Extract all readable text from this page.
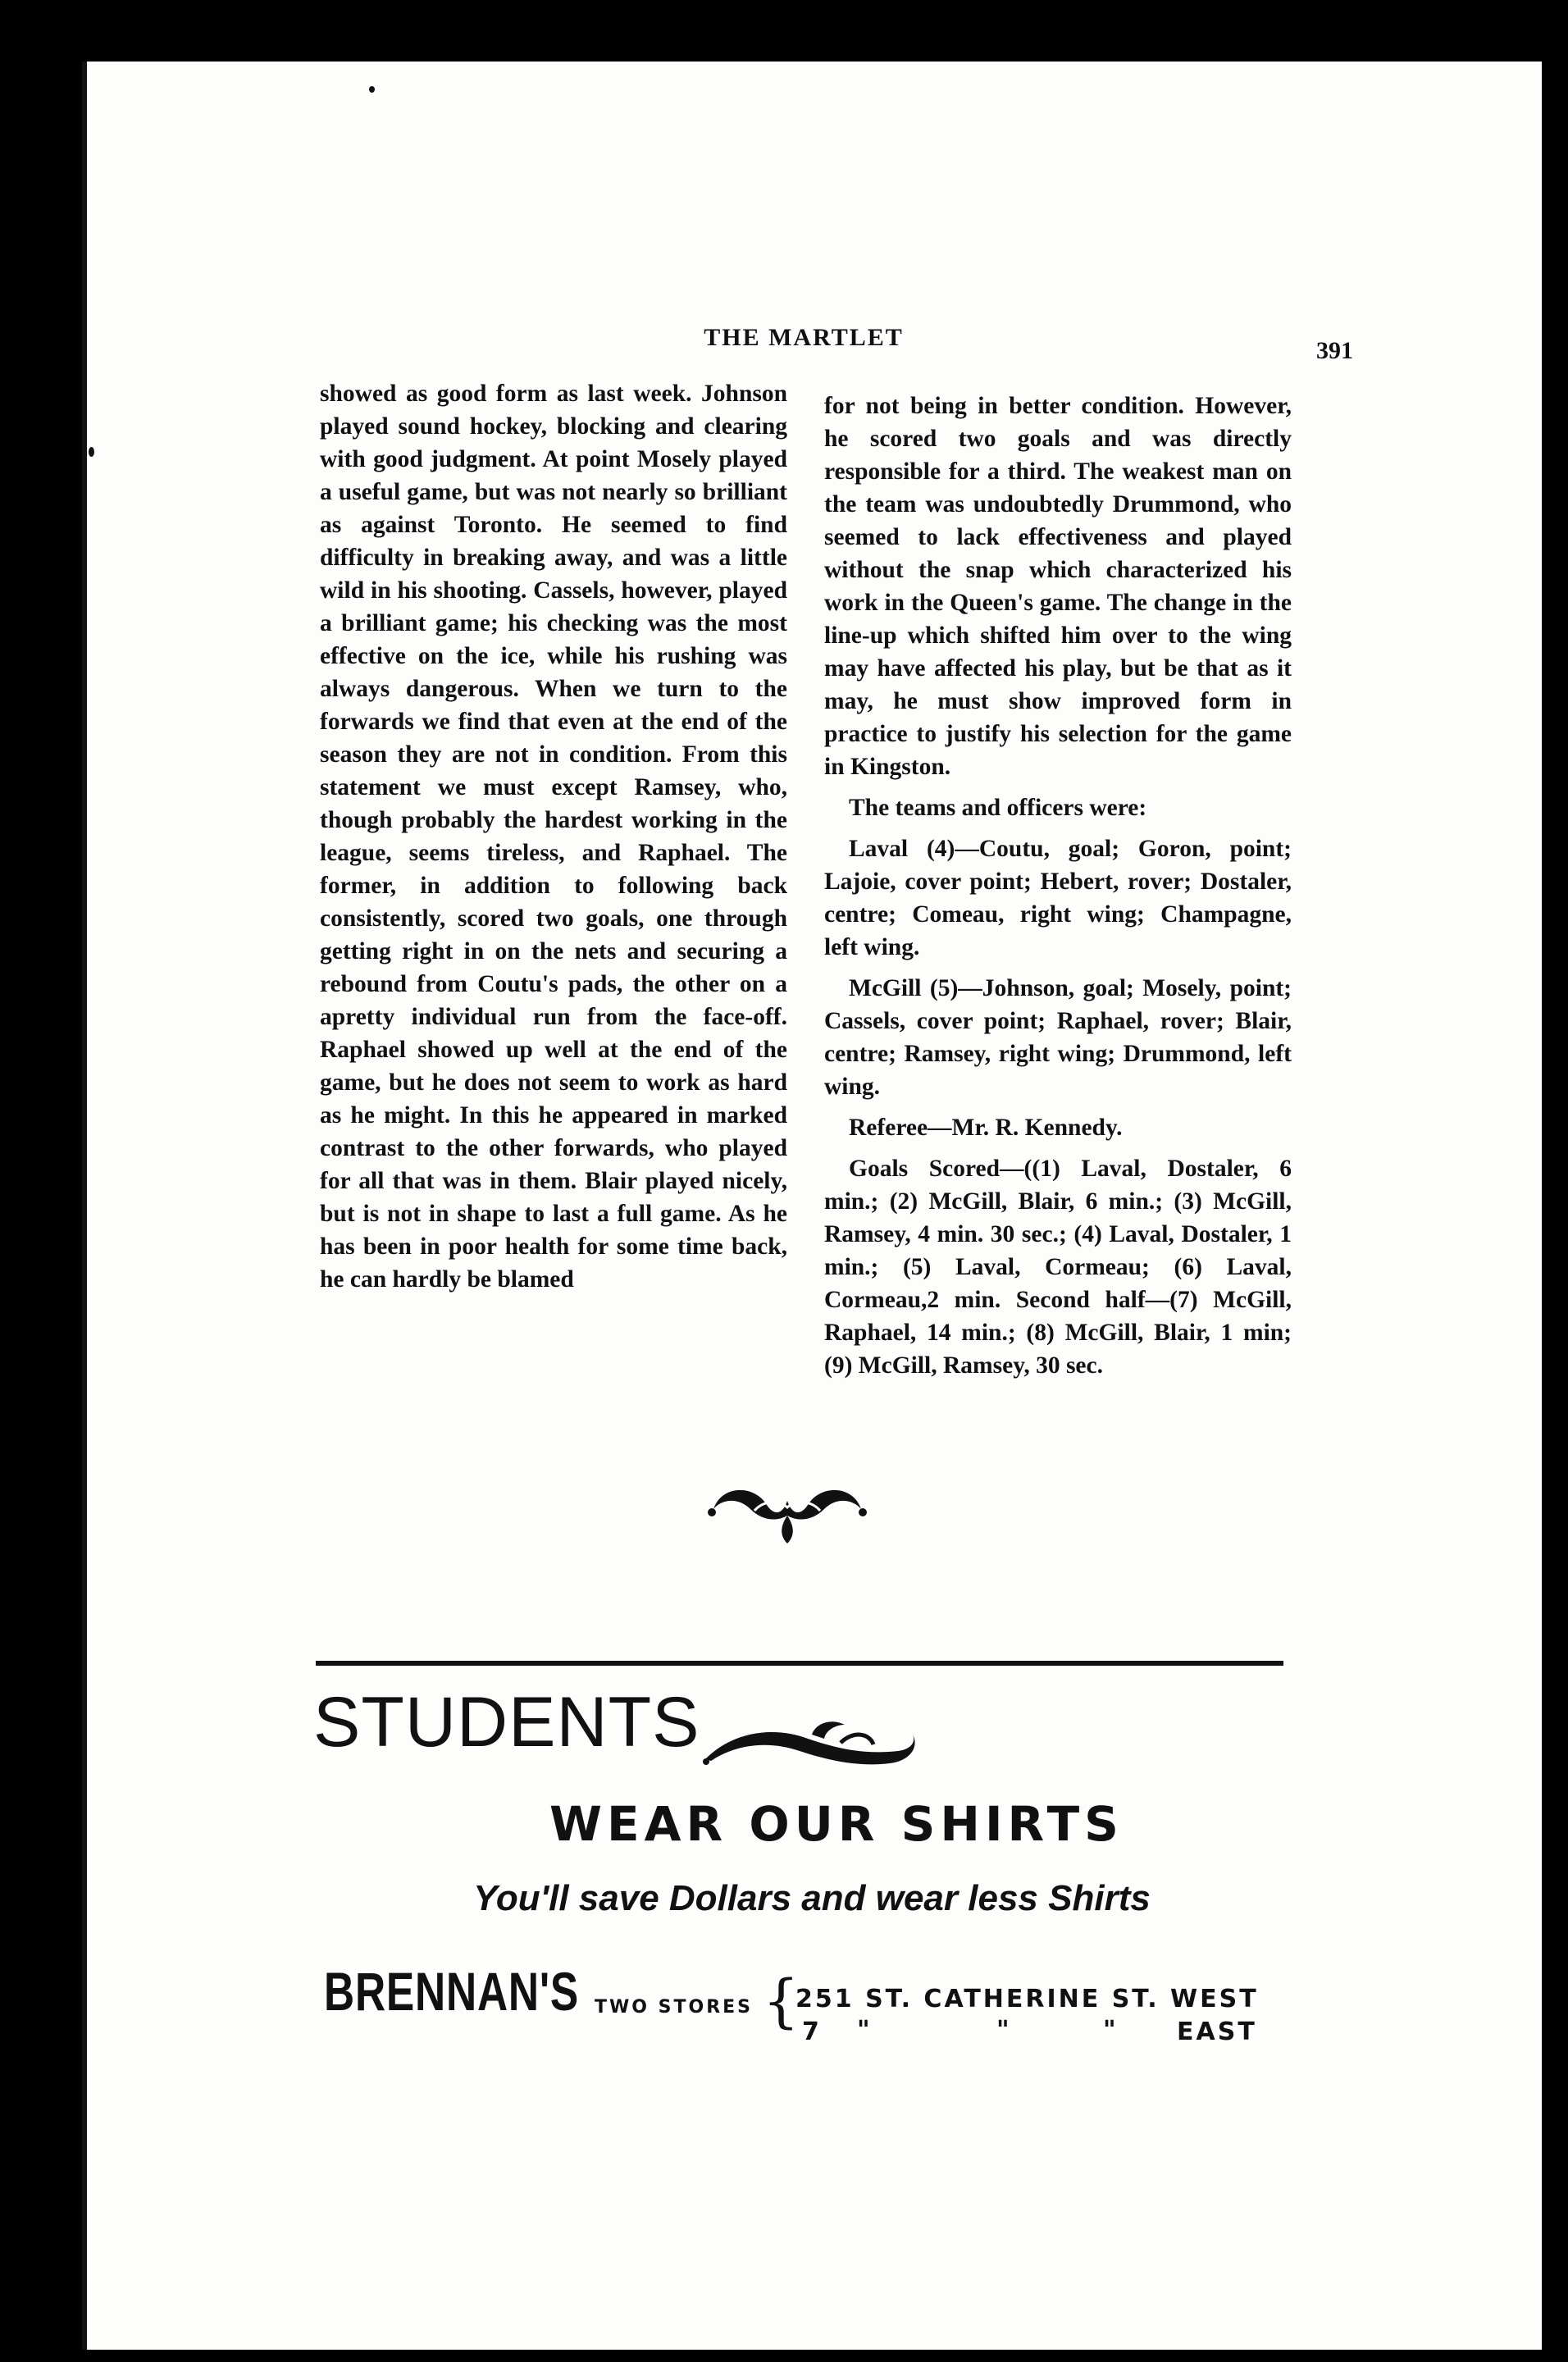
THE MARTLET	391

showed as good form as last week. Johnson played sound hockey, blocking and clearing with good judgment. At point Mosely played a useful game, but was not nearly so brilliant as against Toronto. He seemed to find difficulty in breaking away, and was a little wild in his shooting. Cassels, however, played a brilliant game; his checking was the most effective on the ice, while his rushing was always dangerous. When we turn to the forwards we find that even at the end of the season they are not in condition. From this statement we must except Ramsey, who, though probably the hardest working in the league, seems tireless, and Raphael. The former, in addition to following back consistently, scored two goals, one through getting right in on the nets and securing a rebound from Coutu's pads, the other on a apretty individual run from the face-off. Raphael showed up well at the end of the game, but he does not seem to work as hard as he might. In this he appeared in marked contrast to the other forwards, who played for all that was in them. Blair played nicely, but is not in shape to last a full game. As he has been in poor health for some time back, he can hardly be blamed

for not being in better condition. However, he scored two goals and was directly responsible for a third. The weakest man on the team was undoubtedly Drummond, who seemed to lack effectiveness and played without the snap which characterized his work in the Queen's game. The change in the line-up which shifted him over to the wing may have affected his play, but be that as it may, he must show improved form in practice to justify his selection for the game in Kingston.

The teams and officers were:

Laval (4)—Coutu, goal; Goron, point; Lajoie, cover point; Hebert, rover; Dostaler, centre; Comeau, right wing; Champagne, left wing.

McGill (5)—Johnson, goal; Mosely, point; Cassels, cover point; Raphael, rover; Blair, centre; Ramsey, right wing; Drummond, left wing.

Referee—Mr. R. Kennedy.

Goals Scored—((1) Laval, Dostaler, 6 min.; (2) McGill, Blair, 6 min.; (3) McGill, Ramsey, 4 min. 30 sec.; (4) Laval, Dostaler, 1 min.; (5) Laval, Cormeau; (6) Laval, Cormeau,2 min. Second half—(7) McGill, Raphael, 14 min.; (8) McGill, Blair, 1 min; (9) McGill, Ramsey, 30 sec.

STUDENTS
WEAR OUR SHIRTS
You'll save Dollars and wear less Shirts
BRENNAN'S TWO STORES {
251 ST. CATHERINE ST. WEST
7 "	"	" EAST
